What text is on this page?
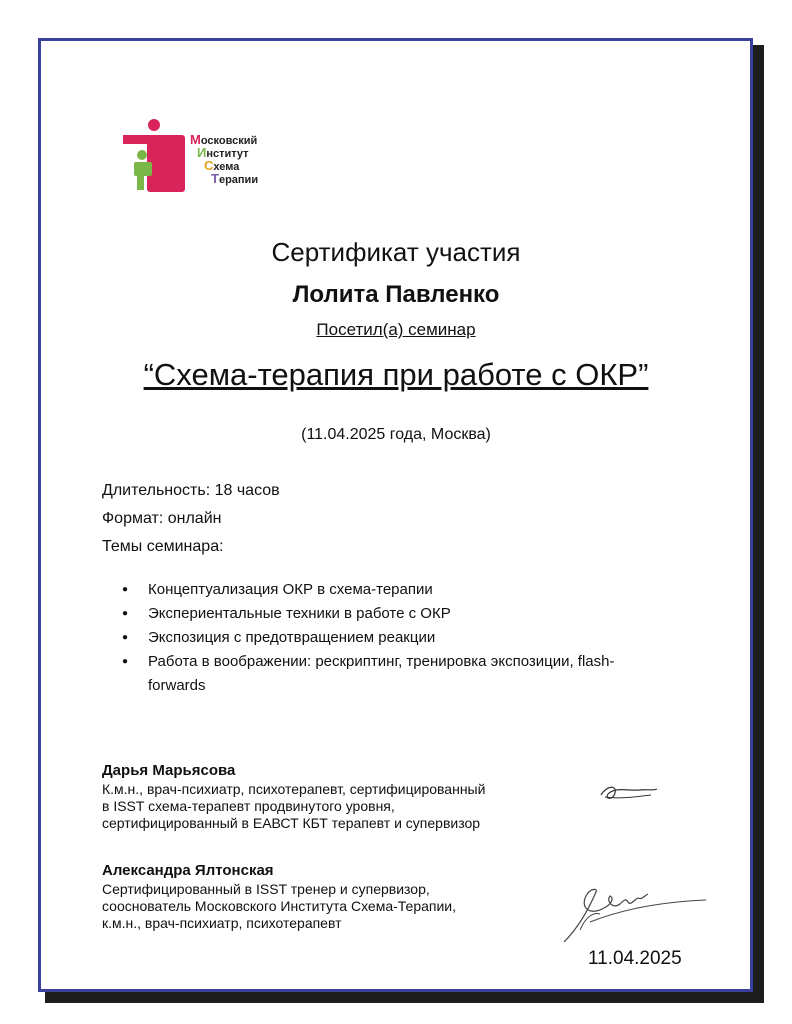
Московский
Институт
Схема
Терапии
Сертификат участия
Лолита Павленко
Посетил(а) семинар
“Схема-терапия при работе с ОКР”
(11.04.2025 года, Москва)
Длительность: 18 часов
Формат: онлайн
Темы семинара:
● Концептуализация ОКР в схема-терапии
● Экспериентальные техники в работе с ОКР
● Экспозиция с предотвращением реакции
● Работа в воображении: рескриптинг, тренировка экспозиции, flash-forwards
Дарья Марьясова
К.м.н., врач-психиатр, психотерапевт, сертифицированный
в ISST схема-терапевт продвинутого уровня,
сертифицированный в ЕАВСТ КБТ терапевт и супервизор
Александра Ялтонская
Сертифицированный в ISST тренер и супервизор,
сооснователь Московского Института Схема-Терапии,
к.м.н., врач-психиатр, психотерапевт
11.04.2025
